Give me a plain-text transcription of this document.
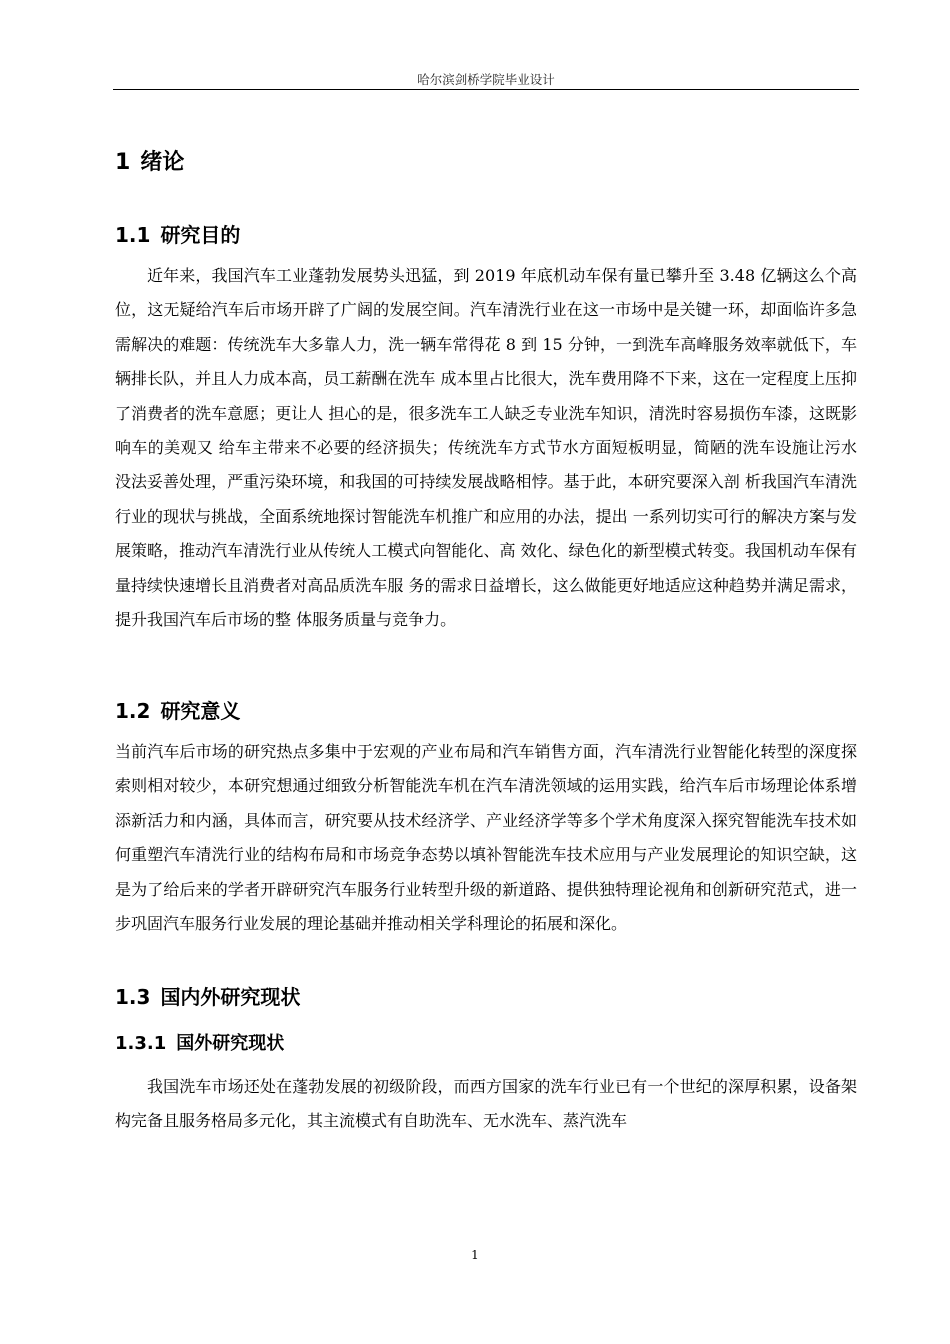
哈尔滨剑桥学院毕业设计
1 绪论
1.1 研究目的

近年来，我国汽车工业蓬勃发展势头迅猛，到 2019 年底机动车保有量已攀升至 3.48 亿辆这么个高位，这无疑给汽车后市场开辟了广阔的发展空间。汽车清洗行业在这一市场中是关键一环，却面临许多急需解决的难题：传统洗车大多靠人力，洗一辆车常得花 8 到 15 分钟，一到洗车高峰服务效率就低下，车辆排长队，并且人力成本高，员工薪酬在洗车 成本里占比很大，洗车费用降不下来，这在一定程度上压抑了消费者的洗车意愿；更让人 担心的是，很多洗车工人缺乏专业洗车知识，清洗时容易损伤车漆，这既影响车的美观又 给车主带来不必要的经济损失；传统洗车方式节水方面短板明显，简陋的洗车设施让污水 没法妥善处理，严重污染环境，和我国的可持续发展战略相悖。基于此，本研究要深入剖 析我国汽车清洗行业的现状与挑战，全面系统地探讨智能洗车机推广和应用的办法，提出 一系列切实可行的解决方案与发展策略，推动汽车清洗行业从传统人工模式向智能化、高 效化、绿色化的新型模式转变。我国机动车保有量持续快速增长且消费者对高品质洗车服 务的需求日益增长，这么做能更好地适应这种趋势并满足需求，提升我国汽车后市场的整 体服务质量与竞争力。

1.2 研究意义

当前汽车后市场的研究热点多集中于宏观的产业布局和汽车销售方面，汽车清洗行业智能化转型的深度探索则相对较少，本研究想通过细致分析智能洗车机在汽车清洗领域的运用实践，给汽车后市场理论体系增添新活力和内涵，具体而言，研究要从技术经济学、产业经济学等多个学术角度深入探究智能洗车技术如何重塑汽车清洗行业的结构布局和市场竞争态势以填补智能洗车技术应用与产业发展理论的知识空缺，这是为了给后来的学者开辟研究汽车服务行业转型升级的新道路、提供独特理论视角和创新研究范式，进一步巩固汽车服务行业发展的理论基础并推动相关学科理论的拓展和深化。

1.3 国内外研究现状
1.3.1 国外研究现状

我国洗车市场还处在蓬勃发展的初级阶段，而西方国家的洗车行业已有一个世纪的深厚积累，设备架构完备且服务格局多元化，其主流模式有自助洗车、无水洗车、蒸汽洗车

1
